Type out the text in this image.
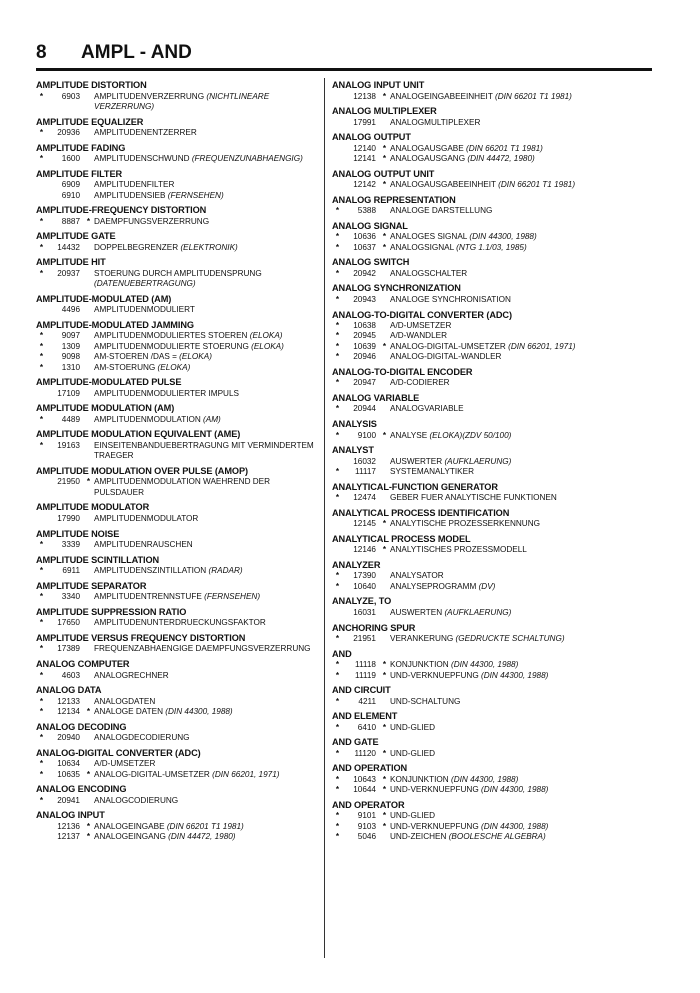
8 AMPL - AND
AMPLITUDE DISTORTION
*	6903	AMPLITUDENVERZERRUNG (NICHTLINEARE VERZERRUNG)
AMPLITUDE EQUALIZER
*	20936	AMPLITUDENENTZERRER
AMPLITUDE FADING
*	1600	AMPLITUDENSCHWUND (FREQUENZUNABHAENGIG)
AMPLITUDE FILTER
6909	AMPLITUDENFILTER
6910	AMPLITUDENSIEB (FERNSEHEN)
AMPLITUDE-FREQUENCY DISTORTION
*	8887 * DAEMPFUNGSVERZERRUNG
AMPLITUDE GATE
*	14432	DOPPELBEGRENZER (ELEKTRONIK)
AMPLITUDE HIT
*	20937	STOERUNG DURCH AMPLITUDENSPRUNG (DATENUEBERTRAGUNG)
AMPLITUDE-MODULATED (AM)
4496	AMPLITUDENMODULIERT
AMPLITUDE-MODULATED JAMMING
*	9097	AMPLITUDENMODULIERTES STOEREN (ELOKA)
*	1309	AMPLITUDENMODULIERTE STOERUNG (ELOKA)
*	9098	AM-STOEREN /DAS = (ELOKA)
*	1310	AM-STOERUNG (ELOKA)
AMPLITUDE-MODULATED PULSE
17109	AMPLITUDENMODULIERTER IMPULS
AMPLITUDE MODULATION (AM)
*	4489	AMPLITUDENMODULATION (AM)
AMPLITUDE MODULATION EQUIVALENT (AME)
*	19163	EINSEITENBANDUEBERTRAGUNG MIT VERMINDERTEM TRAEGER
AMPLITUDE MODULATION OVER PULSE (AMOP)
21950 * AMPLITUDENMODULATION WAEHREND DER PULSDAUER
AMPLITUDE MODULATOR
17990	AMPLITUDENMODULATOR
AMPLITUDE NOISE
*	3339	AMPLITUDENRAUSCHEN
AMPLITUDE SCINTILLATION
*	6911	AMPLITUDENSZINTILLATION (RADAR)
AMPLITUDE SEPARATOR
*	3340	AMPLITUDENTRENNSTUFE (FERNSEHEN)
AMPLITUDE SUPPRESSION RATIO
*	17650	AMPLITUDENUNTERDRUECKUNGSFAKTOR
AMPLITUDE VERSUS FREQUENCY DISTORTION
*	17389	FREQUENZABHAENGIGE DAEMPFUNGSVERZERRUNG
ANALOG COMPUTER
*	4603	ANALOGRECHNER
ANALOG DATA
*	12133	ANALOGDATEN
*	12134 * ANALOGE DATEN (DIN 44300, 1988)
ANALOG DECODING
*	20940	ANALOGDECODIERUNG
ANALOG-DIGITAL CONVERTER (ADC)
*	10634	A/D-UMSETZER
*	10635 * ANALOG-DIGITAL-UMSETZER (DIN 66201, 1971)
ANALOG ENCODING
*	20941	ANALOGCODIERUNG
ANALOG INPUT
12136 * ANALOGEINGABE (DIN 66201 T1 1981)
12137 * ANALOGEINGANG (DIN 44472, 1980)
ANALOG INPUT UNIT
12138 * ANALOGEINGABEEINHEIT (DIN 66201 T1 1981)
ANALOG MULTIPLEXER
17991	ANALOGMULTIPLEXER
ANALOG OUTPUT
12140 * ANALOGAUSGABE (DIN 66201 T1 1981)
12141 * ANALOGAUSGANG (DIN 44472, 1980)
ANALOG OUTPUT UNIT
12142 * ANALOGAUSGABEEINHEIT (DIN 66201 T1 1981)
ANALOG REPRESENTATION
*	5388	ANALOGE DARSTELLUNG
ANALOG SIGNAL
*	10636 * ANALOGES SIGNAL (DIN 44300, 1988)
*	10637 * ANALOGSIGNAL (NTG 1.1/03, 1985)
ANALOG SWITCH
*	20942	ANALOGSCHALTER
ANALOG SYNCHRONIZATION
*	20943	ANALOGE SYNCHRONISATION
ANALOG-TO-DIGITAL CONVERTER (ADC)
*	10638	A/D-UMSETZER
*	20945	A/D-WANDLER
*	10639 * ANALOG-DIGITAL-UMSETZER (DIN 66201, 1971)
*	20946	ANALOG-DIGITAL-WANDLER
ANALOG-TO-DIGITAL ENCODER
*	20947	A/D-CODIERER
ANALOG VARIABLE
*	20944	ANALOGVARIABLE
ANALYSIS
*	9100 * ANALYSE (ELOKA)(ZDV 50/100)
ANALYST
16032	AUSWERTER (AUFKLAERUNG)
*	11117	SYSTEMANALYTIKER
ANALYTICAL-FUNCTION GENERATOR
*	12474	GEBER FUER ANALYTISCHE FUNKTIONEN
ANALYTICAL PROCESS IDENTIFICATION
12145 * ANALYTISCHE PROZESSERKENNUNG
ANALYTICAL PROCESS MODEL
12146 * ANALYTISCHES PROZESSMODELL
ANALYZER
*	17390	ANALYSATOR
*	10640	ANALYSEPROGRAMM (DV)
ANALYZE, TO
16031	AUSWERTEN (AUFKLAERUNG)
ANCHORING SPUR
*	21951	VERANKERUNG (GEDRUCKTE SCHALTUNG)
AND
*	11118 * KONJUNKTION (DIN 44300, 1988)
*	11119 * UND-VERKNUEPFUNG (DIN 44300, 1988)
AND CIRCUIT
*	4211	UND-SCHALTUNG
AND ELEMENT
*	6410 * UND-GLIED
AND GATE
*	11120 * UND-GLIED
AND OPERATION
*	10643 * KONJUNKTION (DIN 44300, 1988)
*	10644 * UND-VERKNUEPFUNG (DIN 44300, 1988)
AND OPERATOR
*	9101 * UND-GLIED
*	9103 * UND-VERKNUEPFUNG (DIN 44300, 1988)
*	5046	UND-ZEICHEN (BOOLESCHE ALGEBRA)
